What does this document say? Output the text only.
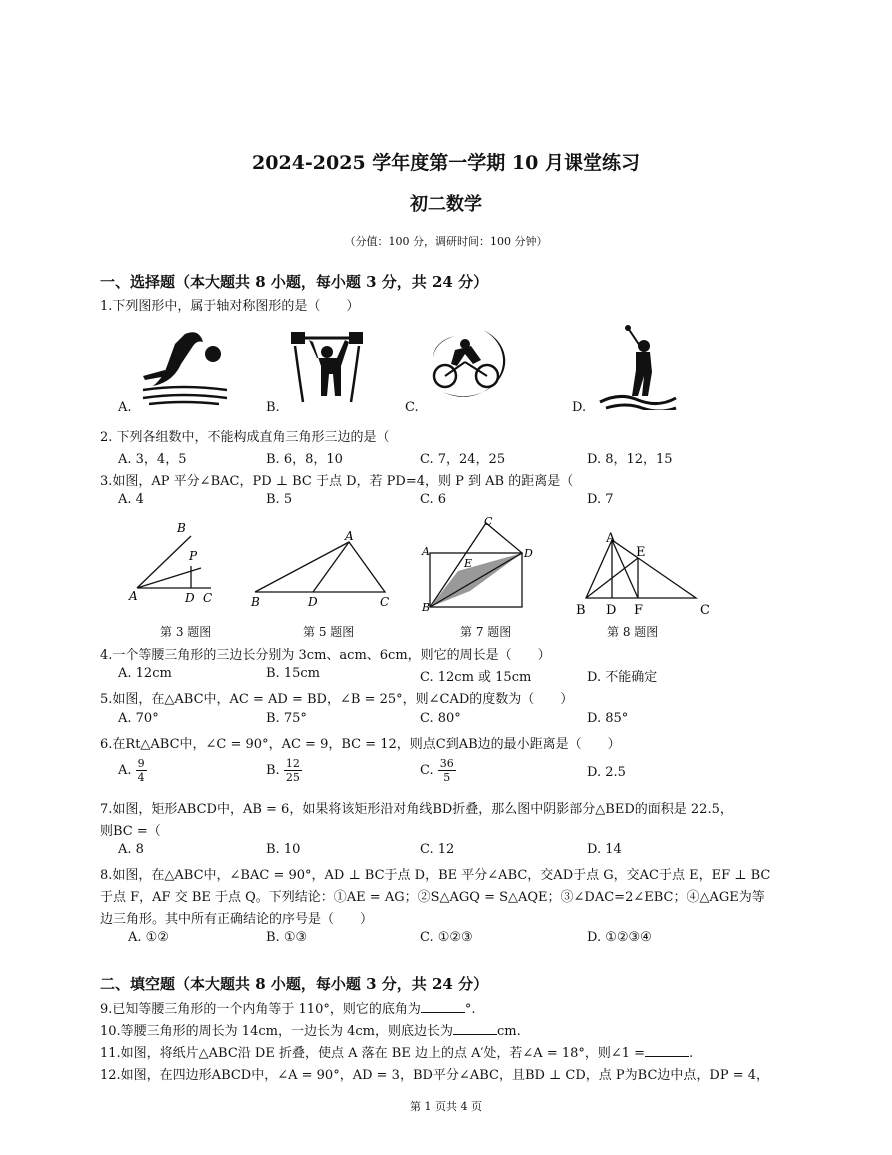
2024-2025 学年度第一学期 10 月课堂练习
初二数学
（分值：100 分，调研时间：100 分钟）
一、选择题（本大题共 8 小题，每小题 3 分，共 24 分）
1.下列图形中，属于轴对称图形的是（　　）
A.	B.	C.	D.
2. 下列各组数中，不能构成直角三角形三边的是（
A. 3，4，5	B. 6，8，10	C. 7，24，25	D. 8，12，15
3.如图，AP 平分∠BAC，PD ⊥ BC 于点 D，若 PD=4，则 P 到 AB 的距离是（
A. 4	B. 5	C. 6	D. 7
B
P
A	D C
A
B	D	C
C
A	D
B
E
A
E
B D F	C
第 3 题图	第 5 题图	第 7 题图	第 8 题图
4.一个等腰三角形的三边长分别为 3cm、acm、6cm，则它的周长是（　　）
A. 12cm	B. 15cm	C. 12cm 或 15cm	D. 不能确定
5.如图，在△ABC中，AC = AD = BD，∠B = 25°，则∠CAD的度数为（　　）
A. 70°	B. 75°	C. 80°	D. 85°
6.在Rt△ABC中，∠C = 90°，AC = 9，BC = 12，则点C到AB边的最小距离是（　　）
A. $\frac{9}{4}$	B. $\frac{12}{25}$	C. $\frac{36}{5}$	D. 2.5
7.如图，矩形ABCD中，AB = 6，如果将该矩形沿对角线BD折叠，那么图中阴影部分△BED的面积是 22.5，
则BC =（
A. 8	B. 10	C. 12	D. 14
8.如图，在△ABC中，∠BAC = 90°，AD ⊥ BC于点 D，BE 平分∠ABC，交AD于点 G，交AC于点 E，EF ⊥ BC
于点 F，AF 交 BE 于点 Q。下列结论：①AE = AG；②S△AGQ = S△AQE；③∠DAC=2∠EBC；④△AGE为等
边三角形。其中所有正确结论的序号是（　　）
A. ①②	B. ①③	C. ①②③	D. ①②③④
二、填空题（本大题共 8 小题，每小题 3 分，共 24 分）
9.已知等腰三角形的一个内角等于 110°，则它的底角为	°.
10.等腰三角形的周长为 14cm，一边长为 4cm，则底边长为	cm.
11.如图，将纸片△ABC沿 DE 折叠，使点 A 落在 BE 边上的点 A′处，若∠A = 18°，则∠1 =	.
12.如图，在四边形ABCD中，∠A = 90°，AD = 3，BD平分∠ABC，且BD ⊥ CD，点 P为BC边中点，DP = 4，
第 1 页共 4 页
